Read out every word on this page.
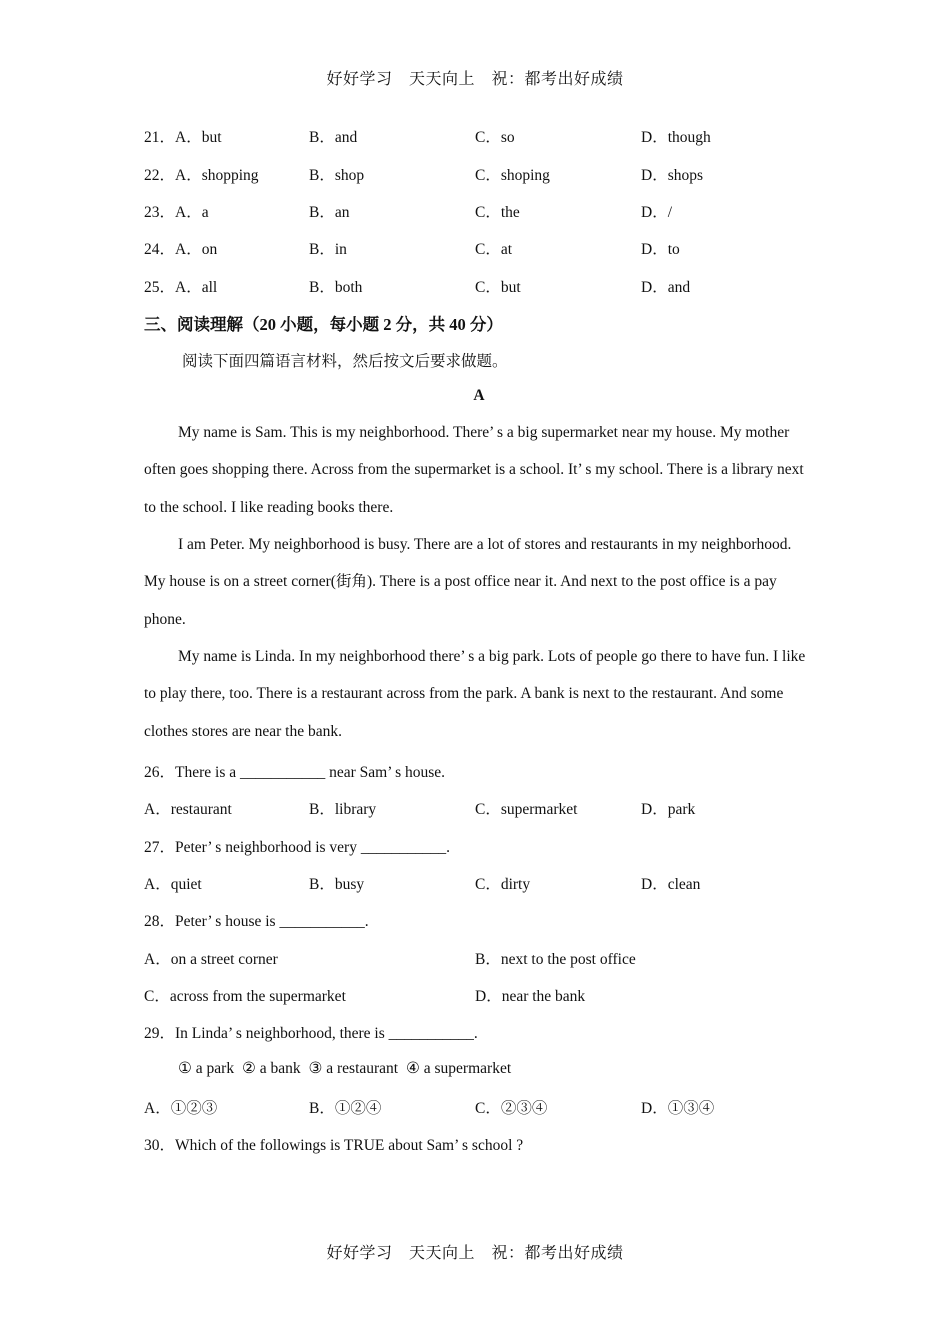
好好学习　天天向上　祝：都考出好成绩
21．A．but	B．and	C．so	D．though
22．A．shopping	B．shop	C．shoping	D．shops
23．A．a	B．an	C．the	D．/
24．A．on	B．in	C．at	D．to
25．A．all	B．both	C．but	D．and
三、阅读理解（20 小题，每小题 2 分，共 40 分）
阅读下面四篇语言材料，然后按文后要求做题。
A
My name is Sam. This is my neighborhood. There’ s a big supermarket near my house. My mother often goes shopping there. Across from the supermarket is a school. It’ s my school. There is a library next to the school. I like reading books there.
I am Peter. My neighborhood is busy. There are a lot of stores and restaurants in my neighborhood. My house is on a street corner(街角). There is a post office near it. And next to the post office is a pay phone.
My name is Linda. In my neighborhood there’ s a big park. Lots of people go there to have fun. I like to play there, too. There is a restaurant across from the park. A bank is next to the restaurant. And some clothes stores are near the bank.
26．There is a ___________ near Sam’ s house.
A．restaurant	B．library	C．supermarket	D．park
27．Peter’ s neighborhood is very ___________.
A．quiet	B．busy	C．dirty	D．clean
28．Peter’ s house is ___________.
A．on a street corner	B．next to the post office
C．across from the supermarket	D．near the bank
29．In Linda’ s neighborhood, there is ___________.
① a park ② a bank ③ a restaurant ④ a supermarket
A．①②③	B．①②④	C．②③④	D．①③④
30．Which of the followings is TRUE about Sam’ s school ?
好好学习　天天向上　祝：都考出好成绩
